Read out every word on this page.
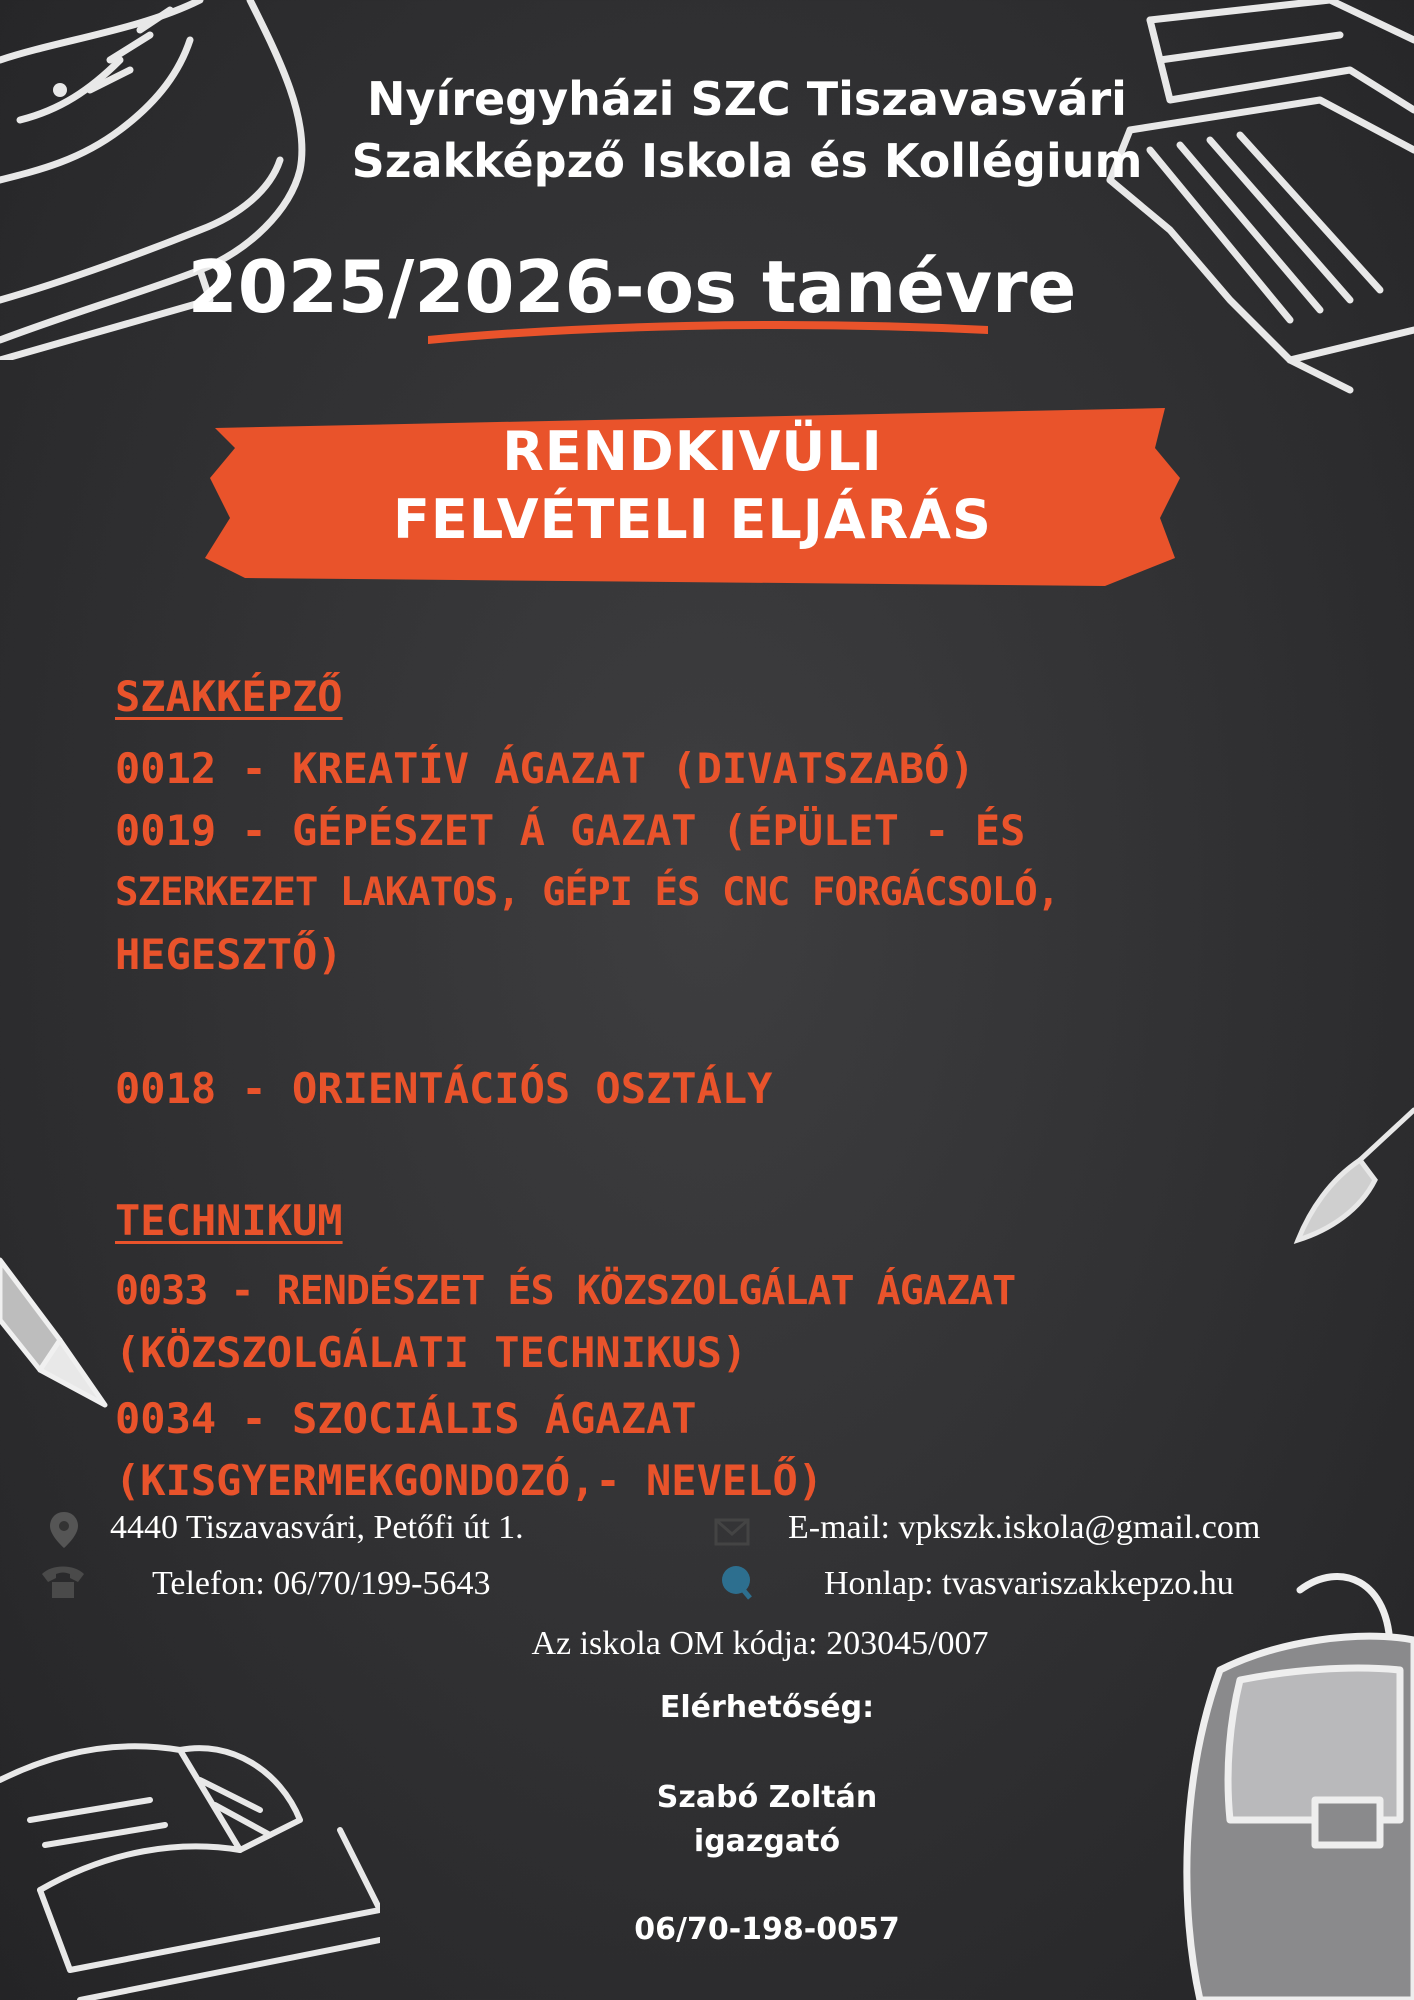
Nyíregyházi SZC Tiszavasvári
Szakképző Iskola és Kollégium
2025/2026-os tanévre
RENDKIVÜLI
FELVÉTELI ELJÁRÁS
SZAKKÉPZŐ
0012 - KREATÍV ÁGAZAT (DIVATSZABÓ)
0019 - GÉPÉSZET Á GAZAT (ÉPÜLET - ÉS
SZERKEZET LAKATOS, GÉPI ÉS CNC FORGÁCSOLÓ,
HEGESZTŐ)
0018 - ORIENTÁCIÓS OSZTÁLY
TECHNIKUM
0033 - RENDÉSZET ÉS KÖZSZOLGÁLAT ÁGAZAT
(KÖZSZOLGÁLATI TECHNIKUS)
0034 - SZOCIÁLIS ÁGAZAT
(KISGYERMEKGONDOZÓ,- NEVELŐ)
4440 Tiszavasvári, Petőfi út 1.	E-mail: vpkszk.iskola@gmail.com
Telefon: 06/70/199-5643	Honlap: tvasvariszakkepzo.hu
Az iskola OM kódja: 203045/007
Elérhetőség:
Szabó Zoltán
igazgató
06/70-198-0057
